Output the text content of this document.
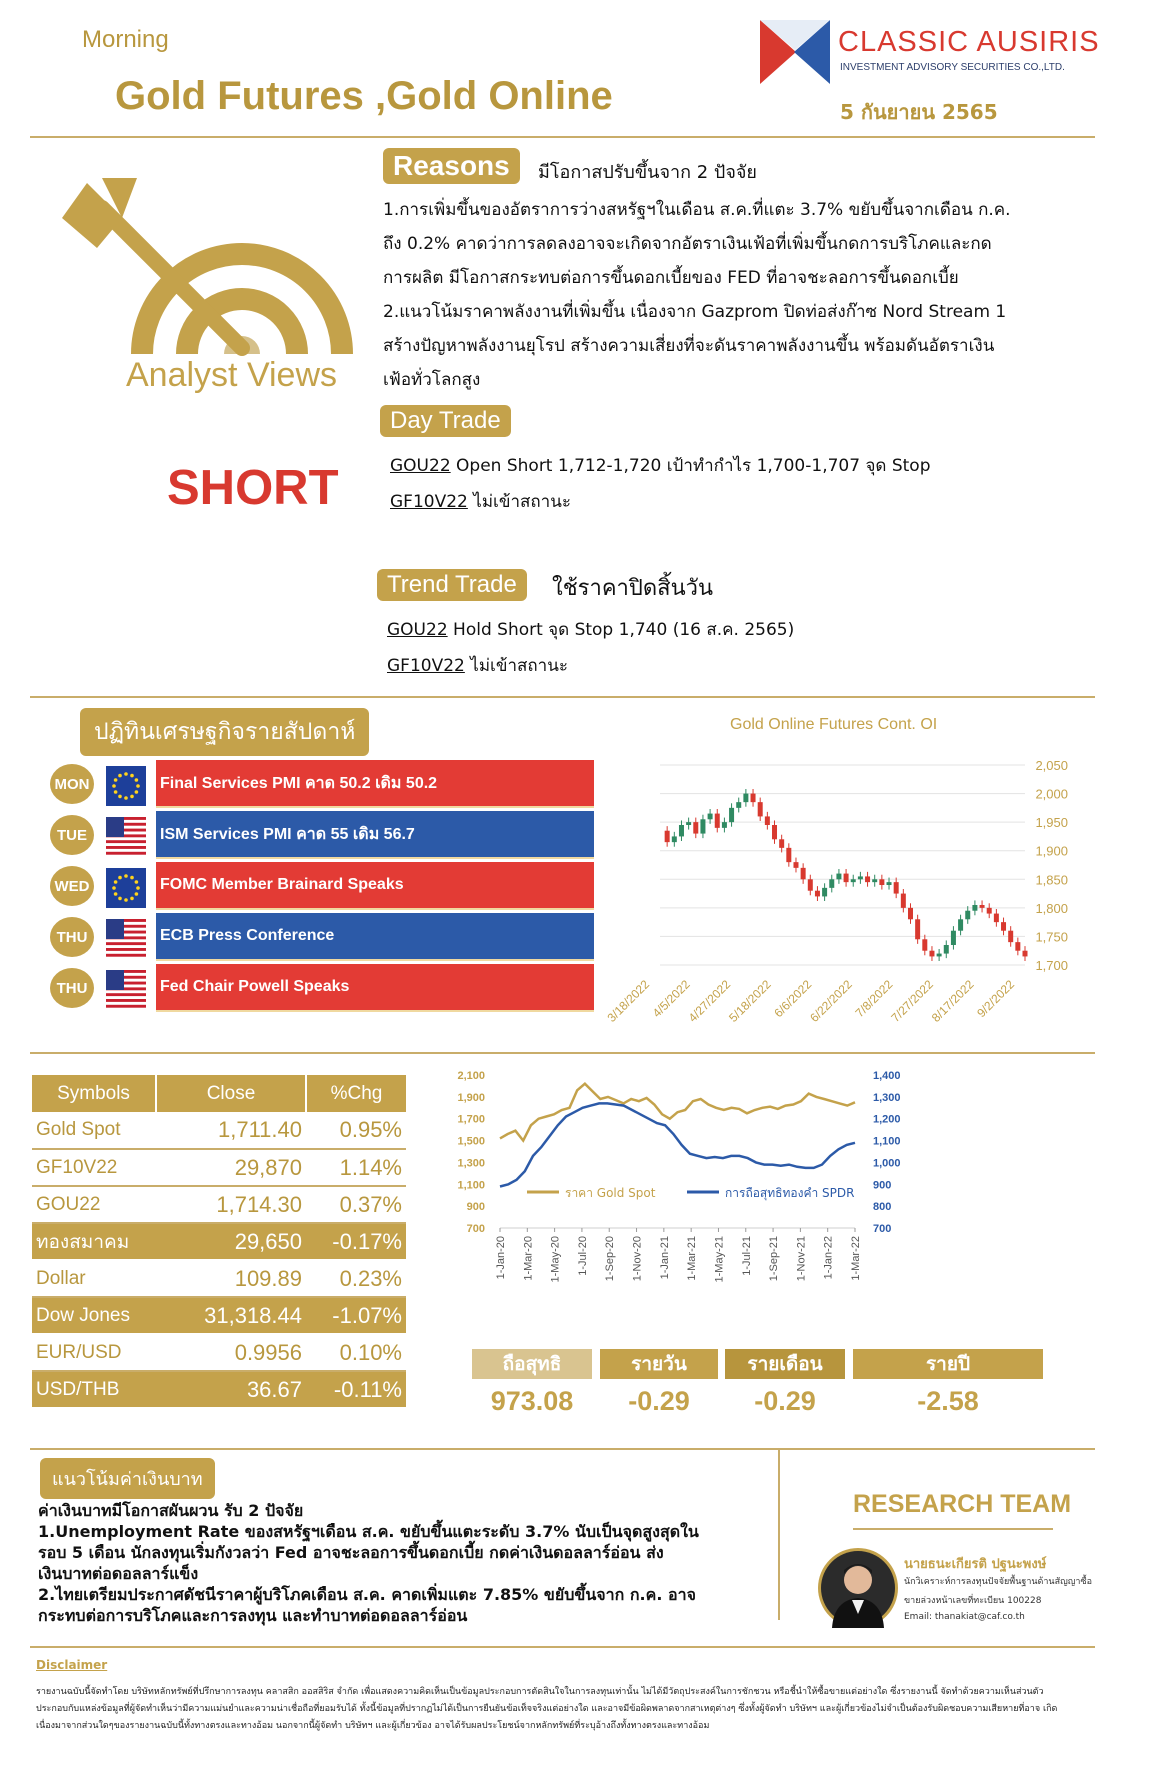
Morning
Gold Futures ,Gold Online
CLASSIC AUSIRIS
INVESTMENT ADVISORY SECURITIES CO.,LTD.
5 กันยายน 2565
Analyst Views
SHORT
Reasons	มีโอกาสปรับขึ้นจาก 2 ปัจจัย
1.การเพิ่มขึ้นของอัตราการว่างสหรัฐฯในเดือน ส.ค.ที่แตะ 3.7% ขยับขึ้นจากเดือน ก.ค.
ถึง 0.2% คาดว่าการลดลงอาจจะเกิดจากอัตราเงินเฟ้อที่เพิ่มขึ้นกดการบริโภคและกด
การผลิต มีโอกาสกระทบต่อการขึ้นดอกเบี้ยของ FED ที่อาจชะลอการขึ้นดอกเบี้ย
2.แนวโน้มราคาพลังงานที่เพิ่มขึ้น เนื่องจาก Gazprom ปิดท่อส่งก๊าซ Nord Stream 1
สร้างปัญหาพลังงานยุโรป สร้างความเสี่ยงที่จะดันราคาพลังงานขึ้น พร้อมดันอัตราเงิน
เฟ้อทั่วโลกสูง
Day Trade
GOU22 Open Short 1,712-1,720 เป้าทำกำไร 1,700-1,707 จุด Stop
GF10V22 ไม่เข้าสถานะ
Trend Trade	ใช้ราคาปิดสิ้นวัน
GOU22 Hold Short จุด Stop 1,740 (16 ส.ค. 2565)
GF10V22 ไม่เข้าสถานะ
ปฏิทินเศรษฐกิจรายสัปดาห์
MON	Final Services PMI คาด 50.2 เดิม 50.2
TUE	ISM Services PMI คาด 55 เดิม 56.7
WED	FOMC Member Brainard Speaks
THU	ECB Press Conference
THU	Fed Chair Powell Speaks
Gold Online Futures Cont. OI
2,050
2,000
1,950
1,900
1,850
1,800
1,750
1,700
3/18/2022
4/5/2022
4/27/2022
5/18/2022
6/6/2022
6/22/2022
7/8/2022
7/27/2022
8/17/2022
9/2/2022
Symbols	Close	%Chg
Gold Spot	1,711.40	0.95%
GF10V22	29,870	1.14%
GOU22	1,714.30	0.37%
ทองสมาคม	29,650	-0.17%
Dollar	109.89	0.23%
Dow Jones	31,318.44	-1.07%
EUR/USD	0.9956	0.10%
USD/THB	36.67	-0.11%
2,100
1,900
1,700
1,500
1,300
1,100
900
700
1,400
1,300
1,200
1,100
1,000
900
800
700
1-Jan-20 1-Mar-20 1-May-20 1-Jul-20 1-Sep-20 1-Nov-20 1-Jan-21 1-Mar-21 1-May-21 1-Jul-21 1-Sep-21 1-Nov-21 1-Jan-22 1-Mar-22
ราคา Gold Spot	การถือสุทธิทองคำ SPDR
ถือสุทธิ
973.08
รายวัน
-0.29
รายเดือน
-0.29
รายปี
-2.58
แนวโน้มค่าเงินบาท
ค่าเงินบาทมีโอกาสผันผวน รับ 2 ปัจจัย
1.Unemployment Rate ของสหรัฐฯเดือน ส.ค. ขยับขึ้นแตะระดับ 3.7% นับเป็นจุดสูงสุดใน
รอบ 5 เดือน นักลงทุนเริ่มกังวลว่า Fed อาจชะลอการขึ้นดอกเบี้ย กดค่าเงินดอลลาร์อ่อน ส่ง
เงินบาทต่อดอลลาร์แข็ง
2.ไทยเตรียมประกาศดัชนีราคาผู้บริโภคเดือน ส.ค. คาดเพิ่มแตะ 7.85% ขยับขึ้นจาก ก.ค. อาจ
กระทบต่อการบริโภคและการลงทุน และทำบาทต่อดอลลาร์อ่อน
RESEARCH TEAM
นายธนะเกียรติ ปฐนะพงษ์
นักวิเคราะห์การลงทุนปัจจัยพื้นฐานด้านสัญญาซื้อ
ขายล่วงหน้าเลขที่ทะเบียน 100228
Email: thanakiat@caf.co.th
Disclaimer
รายงานฉบับนี้จัดทำโดย บริษัทหลักทรัพย์ที่ปรึกษาการลงทุน คลาสสิก ออสสิริส จำกัด เพื่อแสดงความคิดเห็นเป็นข้อมูลประกอบการตัดสินใจในการลงทุนเท่านั้น ไม่ได้มีวัตถุประสงค์ในการชักชวน หรือชี้นำให้ซื้อขายแต่อย่างใด ซึ่งรายงานนี้ จัดทำด้วยความเห็นส่วนตัว
ประกอบกับแหล่งข้อมูลที่ผู้จัดทำเห็นว่ามีความแม่นยำและความน่าเชื่อถือที่ยอมรับได้ ทั้งนี้ข้อมูลที่ปรากฏไม่ได้เป็นการยืนยันข้อเท็จจริงแต่อย่างใด และอาจมีข้อผิดพลาดจากสาเหตุต่างๆ ซึ่งทั้งผู้จัดทำ บริษัทฯ และผู้เกี่ยวข้องไม่จำเป็นต้องรับผิดชอบความเสียหายที่อาจ เกิด
เนื่องมาจากส่วนใดๆของรายงานฉบับนี้ทั้งทางตรงและทางอ้อม นอกจากนี้ผู้จัดทำ บริษัทฯ และผู้เกี่ยวข้อง อาจได้รับผลประโยชน์จากหลักทรัพย์ที่ระบุอ้างถึงทั้งทางตรงและทางอ้อม
